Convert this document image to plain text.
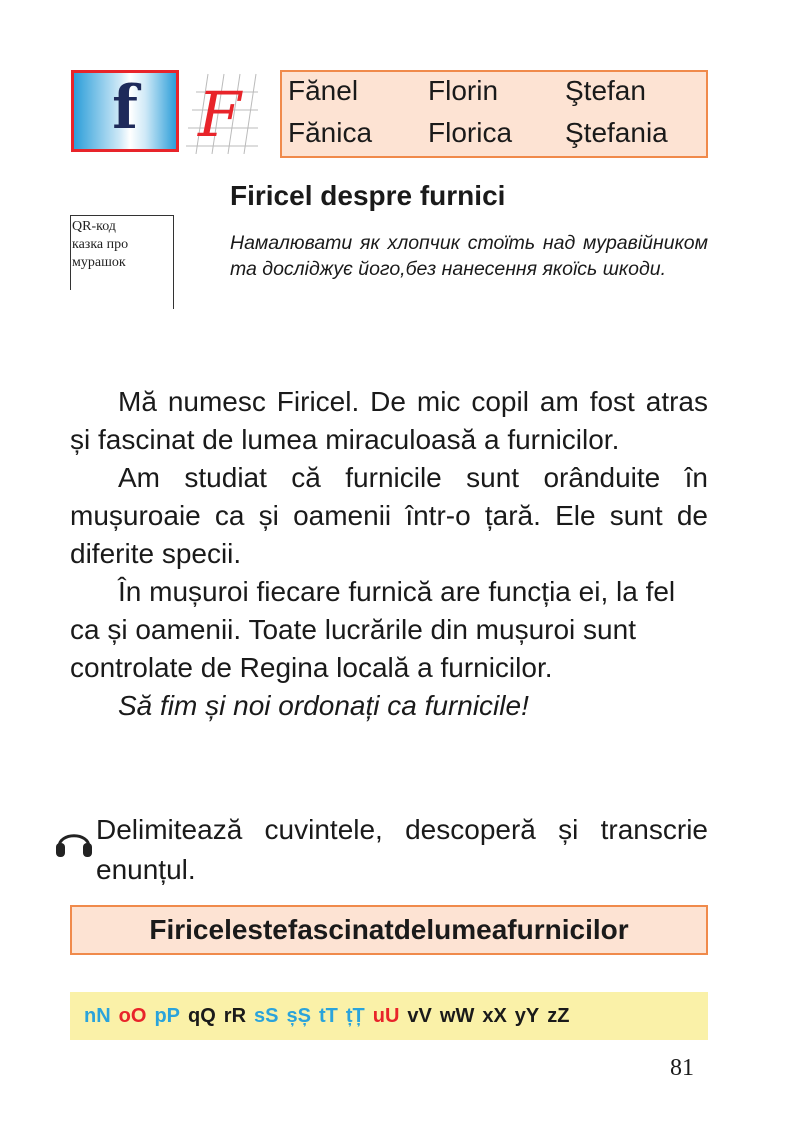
f F Fănel Florin Ştefan
Fănica Florica Ştefania
Firicel despre furnici
QR-код
казка про
мурашок
Намалювати як хлопчик стоїть над муравійником та досліджує його,без нанесення якоїсь шкоди.

Mă numesc Firicel. De mic copil am fost atras și fascinat de lumea miraculoasă a furnicilor.

Am studiat că furnicile sunt orânduite în mușuroaie ca și oamenii într-o țară. Ele sunt de diferite specii.

În mușuroi fiecare furnică are funcția ei, la fel ca și oamenii. Toate lucrările din mușuroi sunt controlate de Regina locală a furnicilor.

Să fim și noi ordonați ca furnicile!

Delimitează cuvintele, descoperă și transcrie enunțul.
Firicelestefascinatdelumeafurnicilor
nN oO pP qQ rR sS șȘ tT țȚ uU vV wW xX yY zZ
81
